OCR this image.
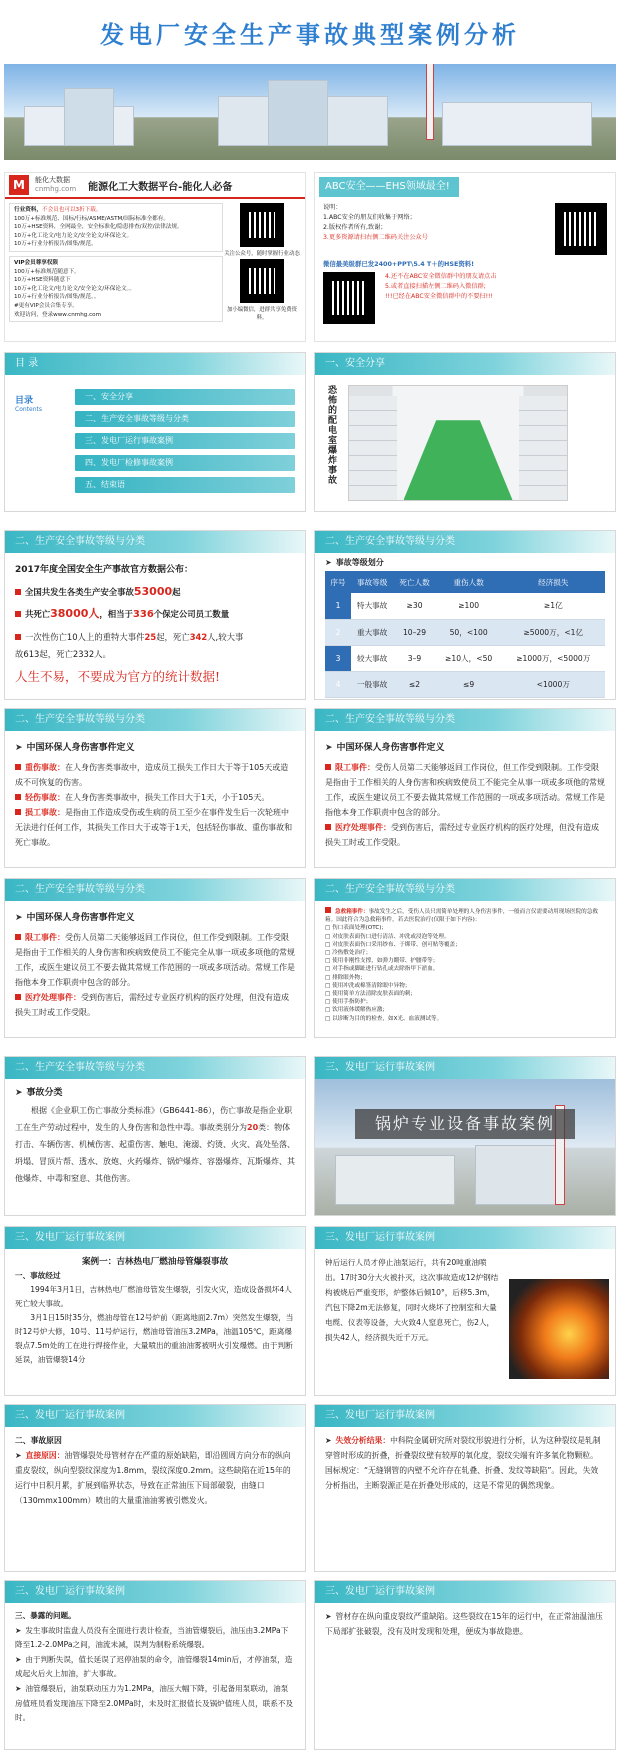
发电厂安全生产事故典型案例分析
M	能化大数据
cnmhg.com 能源化工大数据平台-能化人必备
行业资料，不会员也可以3折下载。
100万+标准规范、国标/行标/ASME/ASTM/国际标准全都有。
10万+HSE资料，全网最全，安全标准化/隐患排查/双控/法律法规。
10万+化工论文/电力论文/安全论文/环保论文。
10万+行业分析报告/图集/规范。
VIP会员尊享权限
100万+标准规范随意下。
10万+HSE资料随意下
10万+化工论文/电力论文/安全论文/环保论文。。
10万+行业分析报告/图集/规范。。
#更有VIP会员合集专享。
欢迎访问，登录www.cnmhg.com
关注公众号，随时掌握行业动态
加小编微信，进群共享免费资料。
ABC安全——EHS领域最全!
说明：
1.ABC安全的朋友们收集于网络；
2.版权作者所有,致谢；
3.更多资源请扫右侧二维码关注公众号
微信最美级群已发2400+PPT\5.4 T＋的HSE资料!
4.还不在ABC安全微信群中的朋友请点击
5.或者直接扫描左侧二维码入微信群;
!!!已经在ABC安全微信群中的不要扫!!!
目 录
目录
Contents
一、安全分享
二、生产安全事故等级与分类
三、发电厂运行事故案例
四、发电厂检修事故案例
五、结束语
一、安全分享
恐怖的配电室爆炸事故
二、生产安全事故等级与分类
2017年度全国安全生产事故官方数据公布：
全国共发生各类生产安全事故53000起
共死亡38000人，相当于336个保定公司员工数量
一次性伤亡10人上的重特大事件25起，死亡342人,较大事
故613起，死亡2332人。
人生不易，不要成为官方的统计数据!
二、生产安全事故等级与分类
➤ 事故等级划分
序号	事故等级	死亡人数	重伤人数	经济损失
1	特大事故	≥30	≥100	≥1亿
2	重大事故	10–29	50，<100	≥5000万，<1亿
3	较大事故	3–9	≥10人，<50	≥1000万，<5000万
4	一般事故	≤2	≤9	<1000万
二、生产安全事故等级与分类
➤ 中国环保人身伤害事件定义

重伤事故：在人身伤害类事故中，造成员工损失工作日大于等于105天或造成不可恢复的伤害。

轻伤事故：在人身伤害类事故中，损失工作日大于1天，小于105天。

损工事故：是指由工作造成受伤或生病的员工至少在事件发生后一次轮班中无法进行任何工作，其损失工作日大于或等于1天，包括轻伤事故、重伤事故和死亡事故。

二、生产安全事故等级与分类
➤ 中国环保人身伤害事件定义

限工事件：受伤人员第二天能够返回工作岗位，但工作受到限制。工作受限是指由于工作相关的人身伤害和疾病致使员工不能完全从事一项或多项他的常规工作，或医生建议员工不要去做其常规工作范围的一项或多项活动。常规工作是指他本身工作职责中包含的部分。

医疗处理事件：受到伤害后，需经过专业医疗机构的医疗处理，但没有造成损失工时或工作受限。

二、生产安全事故等级与分类
➤ 中国环保人身伤害事件定义

限工事件：受伤人员第二天能够返回工作岗位，但工作受到限制。工作受限是指由于工作相关的人身伤害和疾病致使员工不能完全从事一项或多项他的常规工作，或医生建议员工不要去做其常规工作范围的一项或多项活动。常规工作是指他本身工作职责中包含的部分。

医疗处理事件：受到伤害后，需经过专业医疗机构的医疗处理，但没有造成损失工时或工作受限。

二、生产安全事故等级与分类

急救箱事件：事故发生之后，受伤人员只需简单处理的人身伤害事件，一般而言仅需要动用现场医院的急救箱。国此符合为急救箱事件，若去医院治疗(仅限于如下内容)：

□ 伤口表面处理(OTC)；

□ 对皮肤表面伤口进行清洁、冲洗或浸泡等处理。

□ 对皮肤表面伤口采用纱布、于绑带、创可贴等覆盖；

□ 冷热敷处治疗；

□ 使用非刚性支撑，如弹力绷带、护腰带等；

□ 对手指或脚趾进行钻孔或去除指甲下淤血。

□ 排除眼外物；

□ 使用冲洗或棉签清除眼中异物；

□ 使用简单方法清除皮肤表面的刺；

□ 使用手指防护；

□ 饮用液体缓解热应激；

□ 以诊断为目的的检查，如X光、血液测试等。

二、生产安全事故等级与分类
➤ 事故分类

根据《企业职工伤亡事故分类标准》（GB6441-86），伤亡事故是指企业职工在生产劳动过程中，发生的人身伤害和急性中毒。事故类别分为20类：物体打击、车辆伤害、机械伤害、起重伤害、触电、淹溺、灼烫、火灾、高处坠落、坍塌、冒顶片帮、透水、放炮、火药爆炸、锅炉爆炸、容器爆炸、瓦斯爆炸、其他爆炸、中毒和窒息、其他伤害。

三、发电厂运行事故案例
锅炉专业设备事故案例
三、发电厂运行事故案例
案例一：吉林热电厂燃油母管爆裂事故
一、事故经过

1994年3月1日，吉林热电厂燃油母管发生爆裂，引发火灾，造成设备损坏4人死亡较大事故。

3月1日15时35分，燃油母管在12号炉前（距离地面2.7m）突然发生爆裂，当时12号炉大修，10号、11号炉运行，燃油母管油压3.2MPa，油温105℃，距离爆裂点7.5m处的工在进行焊接作业，大量喷出的重油油雾被明火引发爆燃。由于判断延误，油管爆裂14分

三、发电厂运行事故案例
钟后运行人员才停止油泵运行，共有20吨重油喷出。17时30分大火被扑灭，这次事故造成12炉钢结构被烧后严重变形，炉整体后倾10°，后移5.3m，汽包下降2m无法修复，同时火烧坏了控制室和大量电缆、仪表等设备，大火致4人窒息死亡，伤2人，损失42人，经济损失近千万元。
三、发电厂运行事故案例
二、事故原因

➤ 直接原因：油管爆裂处母管材存在严重的原始缺陷，即沿圆周方向分布的纵向重皮裂纹，纵向型裂纹深度为1.8mm，裂纹深度0.2mm。这些缺陷在近15年的运行中日积月累，扩展到临界状态，导致在正常油压下局部破裂，由缝口（130mmx100mm）喷出的大量重油油雾被引燃发火。

三、发电厂运行事故案例

➤ 失效分析结果：中科院金属研究所对裂纹形貌进行分析，认为这种裂纹是轧制穿管时形成的折叠，折叠裂纹壁有较厚的氧化度，裂纹尖端有许多氧化物颗粒。国标规定：“无缝钢管的内壁不允许存在轧叠、折叠、发纹等缺陷”。因此，失效分析指出，主断裂源正是在折叠处形成的，这是不常见的偶然现象。

三、发电厂运行事故案例
三、暴露的问题。

➤ 发生事故时监盘人员没有全面进行表计检查，当油管爆裂后，油压由3.2MPa下降至1.2-2.0MPa之间，油流未减，误判为制粉系统爆裂。

➤ 由于判断失误，值长延误了迟停油泵的命令，油管爆裂14min后，才停油泵，造成起火后火上加油，扩大事故。

➤ 油管爆裂后，油泵联动压力为1.2MPa，油压大幅下降，引起备用泵联动，油泵房值班员看发现油压下降至2.0MPa时，未及时汇报值长及锅炉值班人员，联系不及时。

三、发电厂运行事故案例

➤ 管材存在纵向重皮裂纹严重缺陷。这些裂纹在15年的运行中，在正常油温油压下局部扩张破裂，没有及时发现和处理，便成为事故隐患。
